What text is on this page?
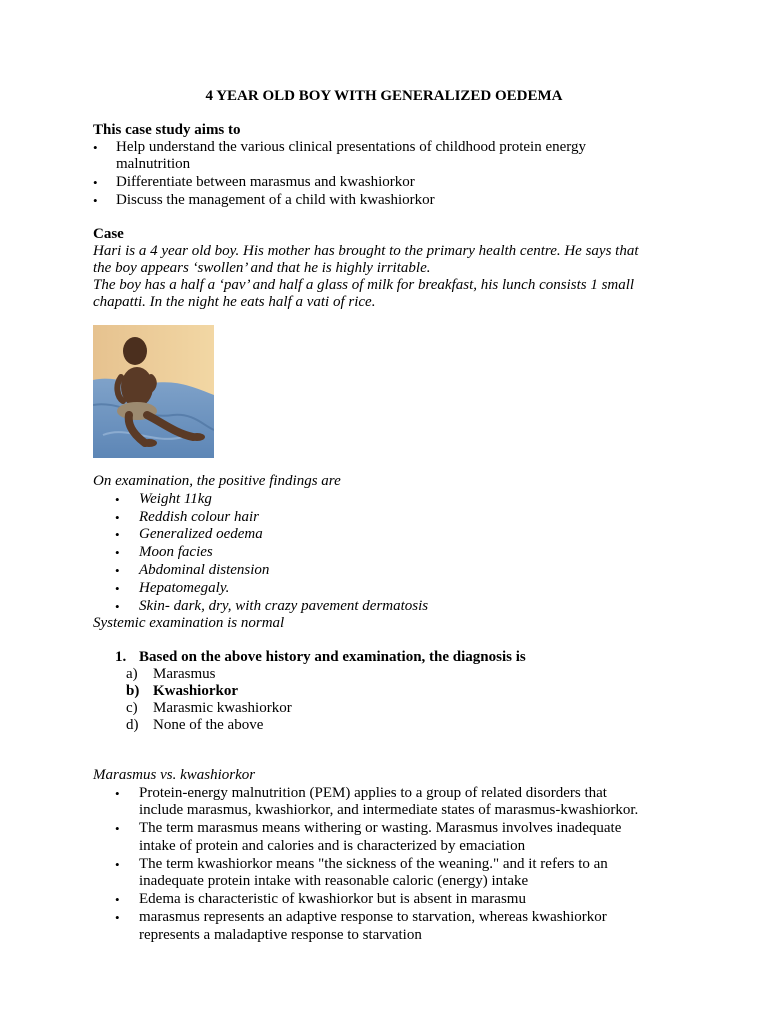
4 YEAR OLD BOY WITH GENERALIZED OEDEMA
This case study aims to
• Help understand the various clinical presentations of childhood protein energy
malnutrition
• Differentiate between marasmus and kwashiorkor
• Discuss the management of a child with kwashiorkor
Case
Hari is a 4 year old boy. His mother has brought to the primary health centre. He says that
the boy appears ‘swollen’ and that he is highly irritable.
The boy has a half a ‘pav’ and half a glass of milk for breakfast, his lunch consists 1 small
chapatti. In the night he eats half a vati of rice.
On examination, the positive findings are
• Weight 11kg
• Reddish colour hair
• Generalized oedema
• Moon facies
• Abdominal distension
• Hepatomegaly.
• Skin- dark, dry, with crazy pavement dermatosis
Systemic examination is normal
1. Based on the above history and examination, the diagnosis is
a) Marasmus
b) Kwashiorkor
c) Marasmic kwashiorkor
d) None of the above
Marasmus vs. kwashiorkor
• Protein-energy malnutrition (PEM) applies to a group of related disorders that
include marasmus, kwashiorkor, and intermediate states of marasmus-kwashiorkor.
• The term marasmus means withering or wasting. Marasmus involves inadequate
intake of protein and calories and is characterized by emaciation
• The term kwashiorkor means "the sickness of the weaning." and it refers to an
inadequate protein intake with reasonable caloric (energy) intake
• Edema is characteristic of kwashiorkor but is absent in marasmu
• marasmus represents an adaptive response to starvation, whereas kwashiorkor
represents a maladaptive response to starvation
